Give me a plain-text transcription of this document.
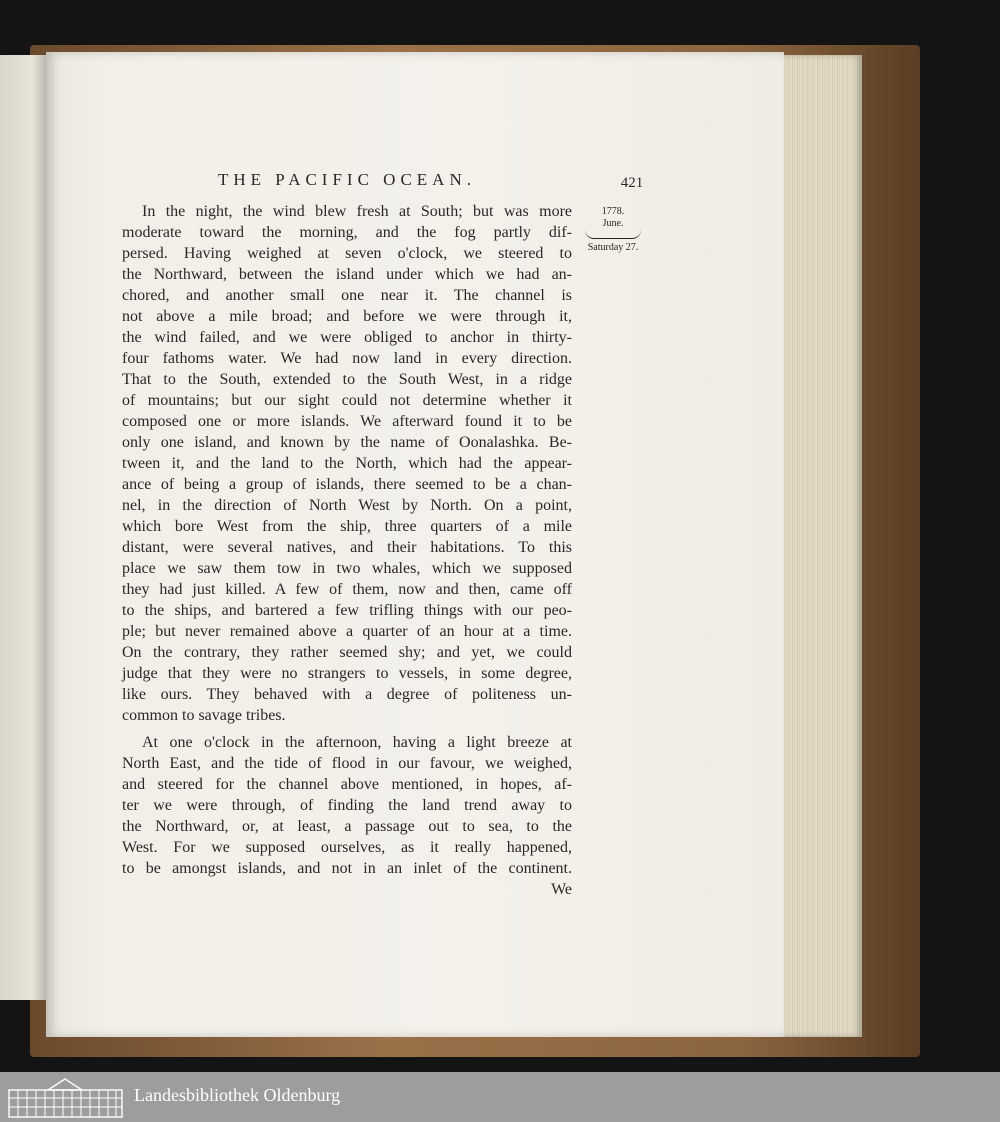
THE PACIFIC OCEAN.	421
1778.
June.
Saturday 27.
In the night, the wind blew fresh at South; but was more
moderate toward the morning, and the fog partly dif-
persed. Having weighed at seven o'clock, we steered to
the Northward, between the island under which we had an-
chored, and another small one near it. The channel is
not above a mile broad; and before we were through it,
the wind failed, and we were obliged to anchor in thirty-
four fathoms water. We had now land in every direction.
That to the South, extended to the South West, in a ridge
of mountains; but our sight could not determine whether it
composed one or more islands. We afterward found it to be
only one island, and known by the name of Oonalashka. Be-
tween it, and the land to the North, which had the appear-
ance of being a group of islands, there seemed to be a chan-
nel, in the direction of North West by North. On a point,
which bore West from the ship, three quarters of a mile
distant, were several natives, and their habitations. To this
place we saw them tow in two whales, which we supposed
they had just killed. A few of them, now and then, came off
to the ships, and bartered a few trifling things with our peo-
ple; but never remained above a quarter of an hour at a time.
On the contrary, they rather seemed shy; and yet, we could
judge that they were no strangers to vessels, in some degree,
like ours. They behaved with a degree of politeness un-
common to savage tribes.
At one o'clock in the afternoon, having a light breeze at
North East, and the tide of flood in our favour, we weighed,
and steered for the channel above mentioned, in hopes, af-
ter we were through, of finding the land trend away to
the Northward, or, at least, a passage out to sea, to the
West. For we supposed ourselves, as it really happened,
to be amongst islands, and not in an inlet of the continent.
We
Landesbibliothek Oldenburg
